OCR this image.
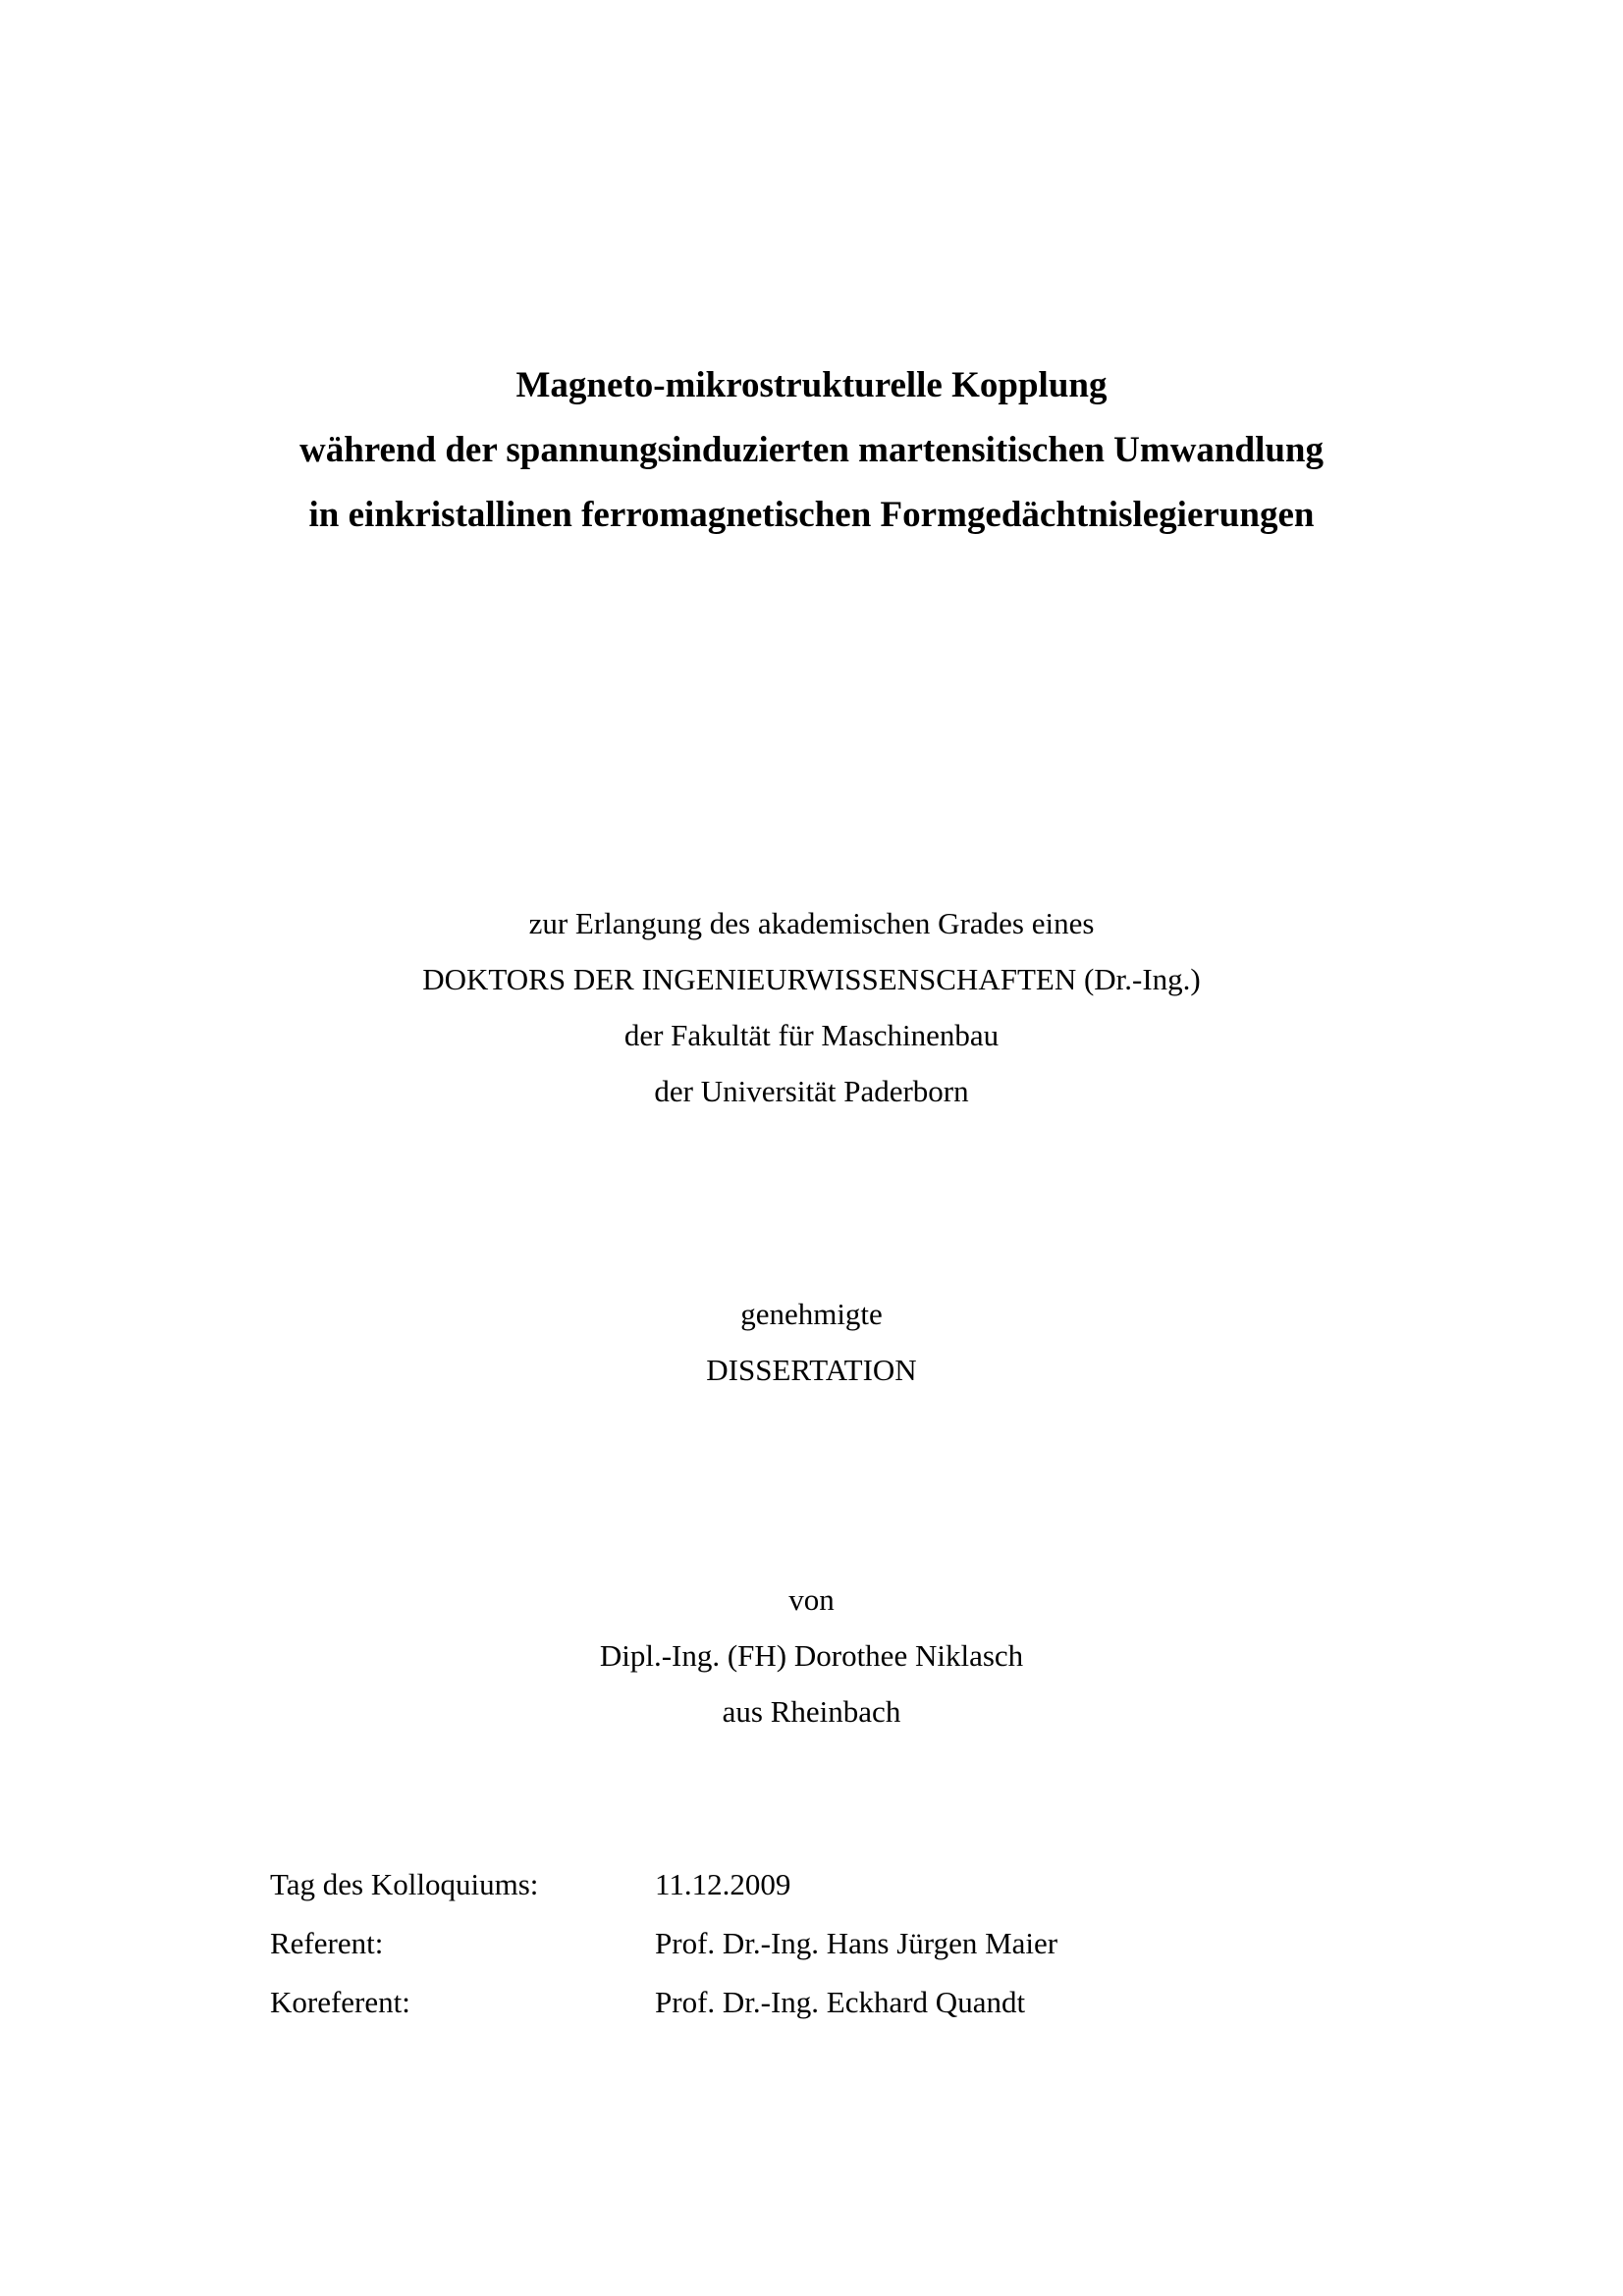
Magneto-mikrostrukturelle Kopplung
während der spannungsinduzierten martensitischen Umwandlung
in einkristallinen ferromagnetischen Formgedächtnislegierungen
zur Erlangung des akademischen Grades eines
DOKTORS DER INGENIEURWISSENSCHAFTEN (Dr.-Ing.)
der Fakultät für Maschinenbau
der Universität Paderborn
genehmigte
DISSERTATION
von
Dipl.-Ing. (FH) Dorothee Niklasch
aus Rheinbach
Tag des Kolloquiums:	11.12.2009
Referent:	Prof. Dr.-Ing. Hans Jürgen Maier
Koreferent:	Prof. Dr.-Ing. Eckhard Quandt
